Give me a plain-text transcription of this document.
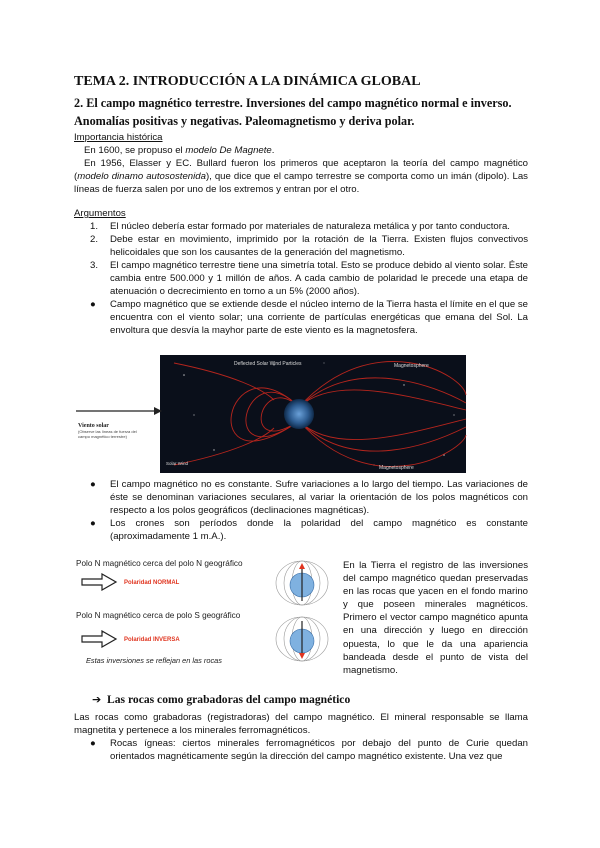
TEMA 2. INTRODUCCIÓN A LA DINÁMICA GLOBAL
2. El campo magnético terrestre. Inversiones del campo magnético normal e inverso.
Anomalías positivas y negativas. Paleomagnetismo y deriva polar.
Importancia histórica
En 1600, se propuso el modelo De Magnete.
En 1956, Elasser y EC. Bullard fueron los primeros que aceptaron la teoría del campo magnético (modelo dinamo autosostenida), que dice que el campo terrestre se comporta como un imán (dipolo). Las líneas de fuerza salen por uno de los extremos y entran por el otro.
Argumentos
1. El núcleo debería estar formado por materiales de naturaleza metálica y por tanto conductora.
2. Debe estar en movimiento, imprimido por la rotación de la Tierra. Existen flujos convectivos helicoidales que son los causantes de la generación del magnetismo.
3. El campo magnético terrestre tiene una simetría total. Esto se produce debido al viento solar. Éste cambia entre 500.000 y 1 millón de años. A cada cambio de polaridad le precede una etapa de atenuación o decrecimiento en torno a un 5% (2000 años).
● Campo magnético que se extiende desde el núcleo interno de la Tierra hasta el límite en el que se encuentra con el viento solar; una corriente de partículas energéticas que emana del Sol. La envoltura que desvía la mayhor parte de este viento es la magnetosfera.
Deflected Solar Wind Particles	Magnetosphere
Magnetosphere
Solar Wind
Viento solar
(Observe las líneas de fuerza del campo magnético terrestre)
● El campo magnético no es constante. Sufre variaciones a lo largo del tiempo. Las variaciones de éste se denominan variaciones seculares, al variar la orientación de los polos magnéticos con respecto a los polos geográficos (declinaciones magnéticas).
● Los crones son períodos donde la polaridad del campo magnético es constante (aproximadamente 1 m.A.).
Polo N magnético cerca del polo N geográfico
Polaridad NORMAL
Polo N magnético cerca de polo S geográfico
Polaridad INVERSA
Estas inversiones se reflejan en las rocas
En la Tierra el registro de las inversiones del campo magnético quedan preservadas en las rocas que yacen en el fondo marino y que poseen minerales magnéticos. Primero el vector campo magnético apunta en una dirección y luego en dirección opuesta, lo que le da una apariencia bandeada desde el punto de vista del magnetismo.
➔ Las rocas como grabadoras del campo magnético
Las rocas como grabadoras (registradoras) del campo magnético. El mineral responsable se llama magnetita y pertenece a los minerales ferromagnéticos.
● Rocas ígneas: ciertos minerales ferromagnéticos por debajo del punto de Curie quedan orientados magnéticamente según la dirección del campo magnético existente. Una vez que
